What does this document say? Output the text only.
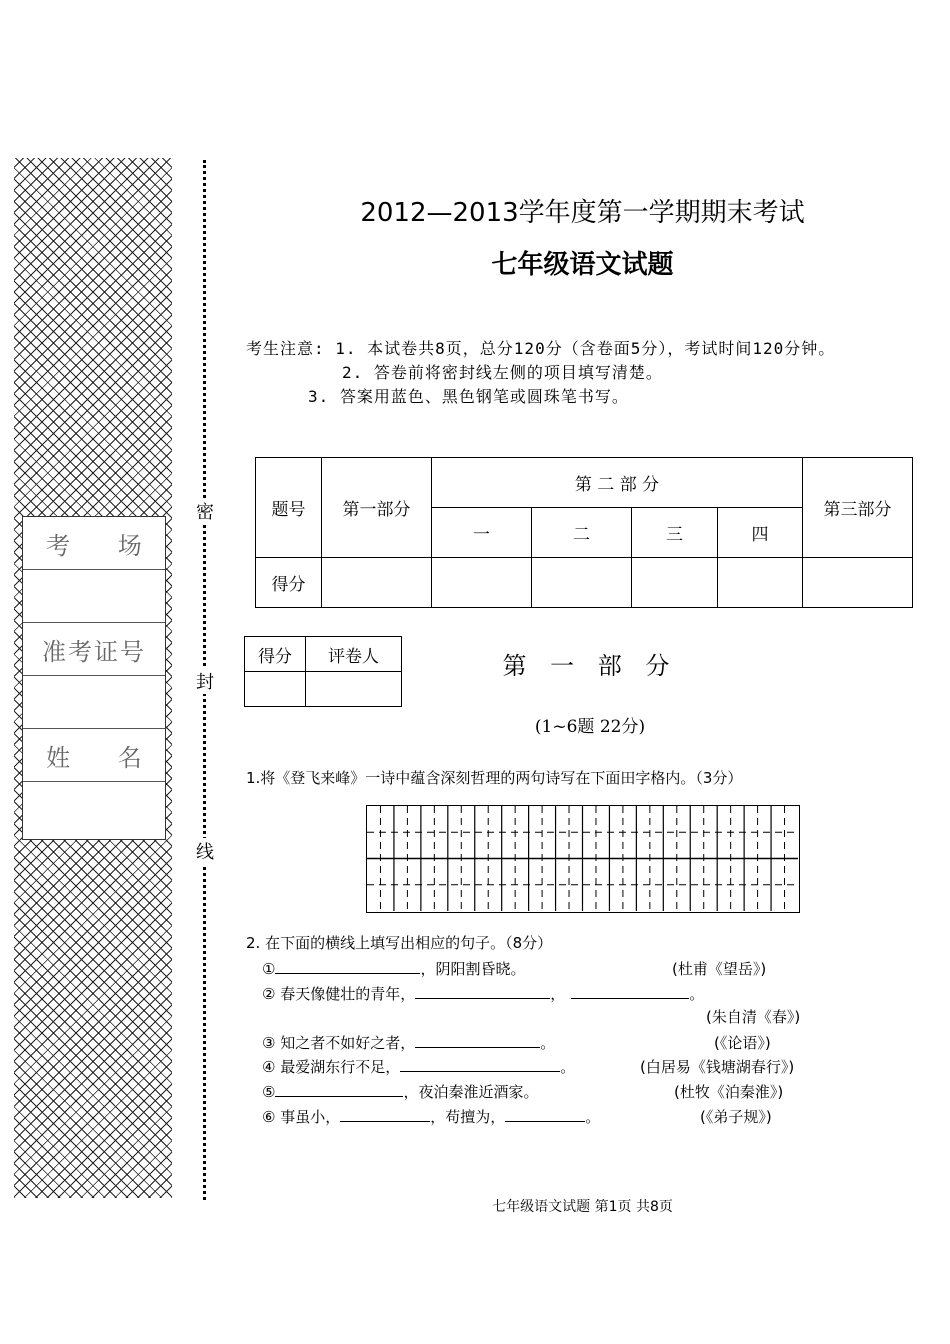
考 场
准考证号
姓 名
密
封
线
2012—2013学年度第一学期期末考试
七年级语文试题
考生注意: 1. 本试卷共8页，总分120分（含卷面5分），考试时间120分钟。
2. 答卷前将密封线左侧的项目填写清楚。
3. 答案用蓝色、黑色钢笔或圆珠笔书写。
题号	第一部分	第 二 部 分				第三部分
		一	二	三	四	
得分						
得分	评卷人
		第 一 部 分
(1~6题 22分)
1.将《登飞来峰》一诗中蕴含深刻哲理的两句诗写在下面田字格内。（3分）
2. 在下面的横线上填写出相应的句子。（8分）
①	，阴阳割昏晓。	(杜甫《望岳》)
② 春天像健壮的青年，	，	。
(朱自清《春》)
③ 知之者不如好之者，	。	(《论语》)
④ 最爱湖东行不足，	。	(白居易《钱塘湖春行》)
⑤	，夜泊秦淮近酒家。	(杜牧《泊秦淮》)
⑥ 事虽小，	，苟擅为，	。	(《弟子规》)
七年级语文试题 第1页 共8页
